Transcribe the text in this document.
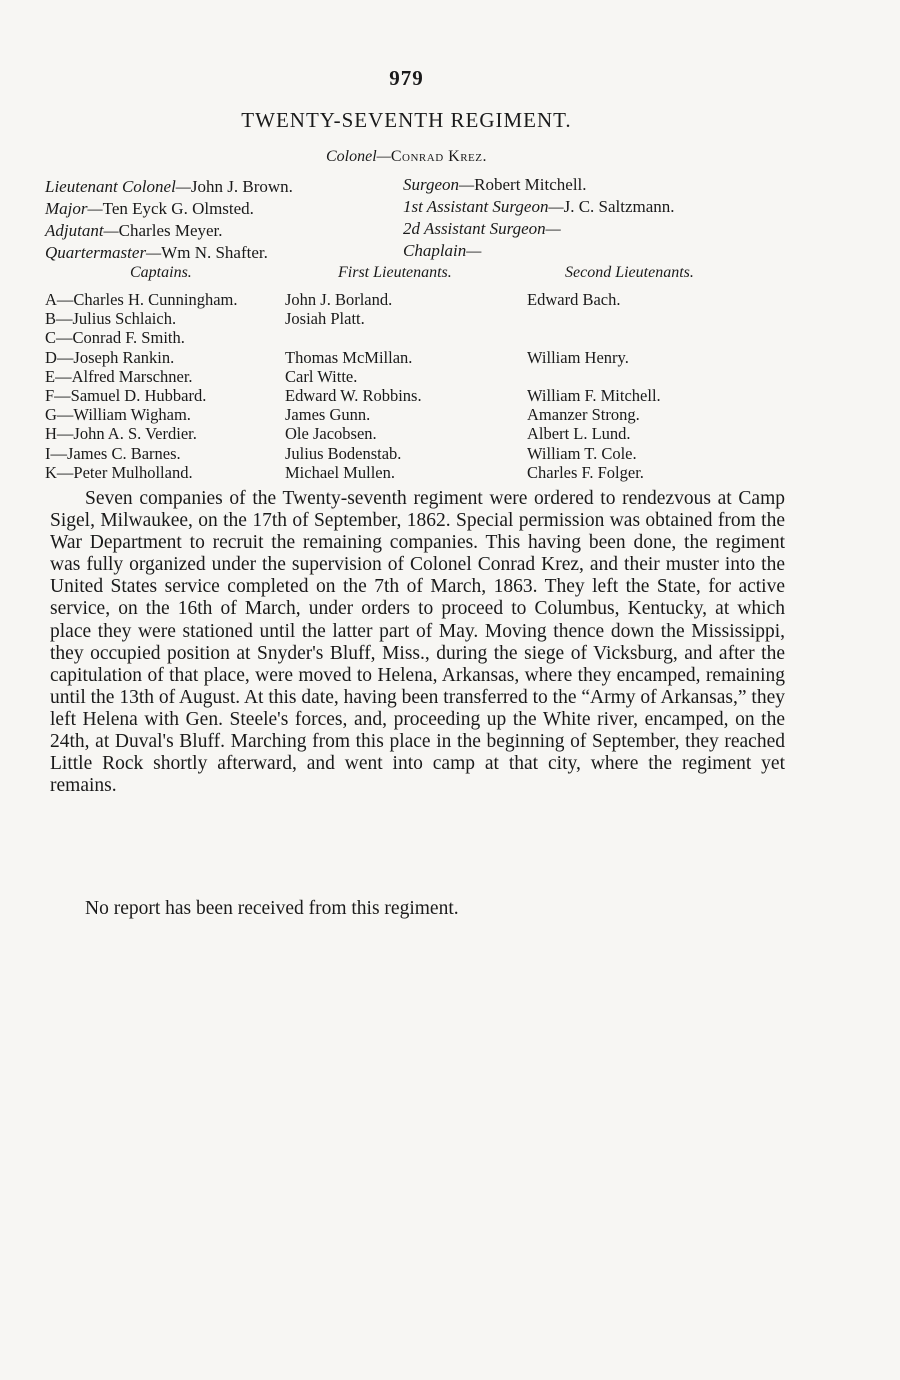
979
TWENTY-SEVENTH REGIMENT.
Colonel—Conrad Krez.
Lieutenant Colonel—John J. Brown.
Major—Ten Eyck G. Olmsted.
Adjutant—Charles Meyer.
Quartermaster—Wm N. Shafter.
Surgeon—Robert Mitchell.
1st Assistant Surgeon—J. C. Saltzmann.
2d Assistant Surgeon—
Chaplain—
Captains.	First Lieutenants.	Second Lieutenants.
A—Charles H. Cunningham.	John J. Borland.	Edward Bach.
B—Julius Schlaich.	Josiah Platt.
C—Conrad F. Smith.
D—Joseph Rankin.	Thomas McMillan.	William Henry.
E—Alfred Marschner.	Carl Witte.
F—Samuel D. Hubbard.	Edward W. Robbins.	William F. Mitchell.
G—William Wigham.	James Gunn.	Amanzer Strong.
H—John A. S. Verdier.	Ole Jacobsen.	Albert L. Lund.
I—James C. Barnes.	Julius Bodenstab.	William T. Cole.
K—Peter Mulholland.	Michael Mullen.	Charles F. Folger.

Seven companies of the Twenty-seventh regiment were ordered to rendezvous at Camp Sigel, Milwaukee, on the 17th of September, 1862. Special permission was obtained from the War Department to recruit the remaining companies. This having been done, the regiment was fully organized under the supervision of Colonel Conrad Krez, and their muster into the United States service completed on the 7th of March, 1863. They left the State, for active service, on the 16th of March, under orders to proceed to Columbus, Kentucky, at which place they were stationed until the latter part of May. Moving thence down the Mississippi, they occupied position at Snyder's Bluff, Miss., during the siege of Vicksburg, and after the capitulation of that place, were moved to Helena, Arkansas, where they encamped, remaining until the 13th of August. At this date, having been transferred to the “Army of Arkansas,” they left Helena with Gen. Steele's forces, and, proceeding up the White river, encamped, on the 24th, at Duval's Bluff. Marching from this place in the beginning of September, they reached Little Rock shortly afterward, and went into camp at that city, where the regiment yet remains.

No report has been received from this regiment.
